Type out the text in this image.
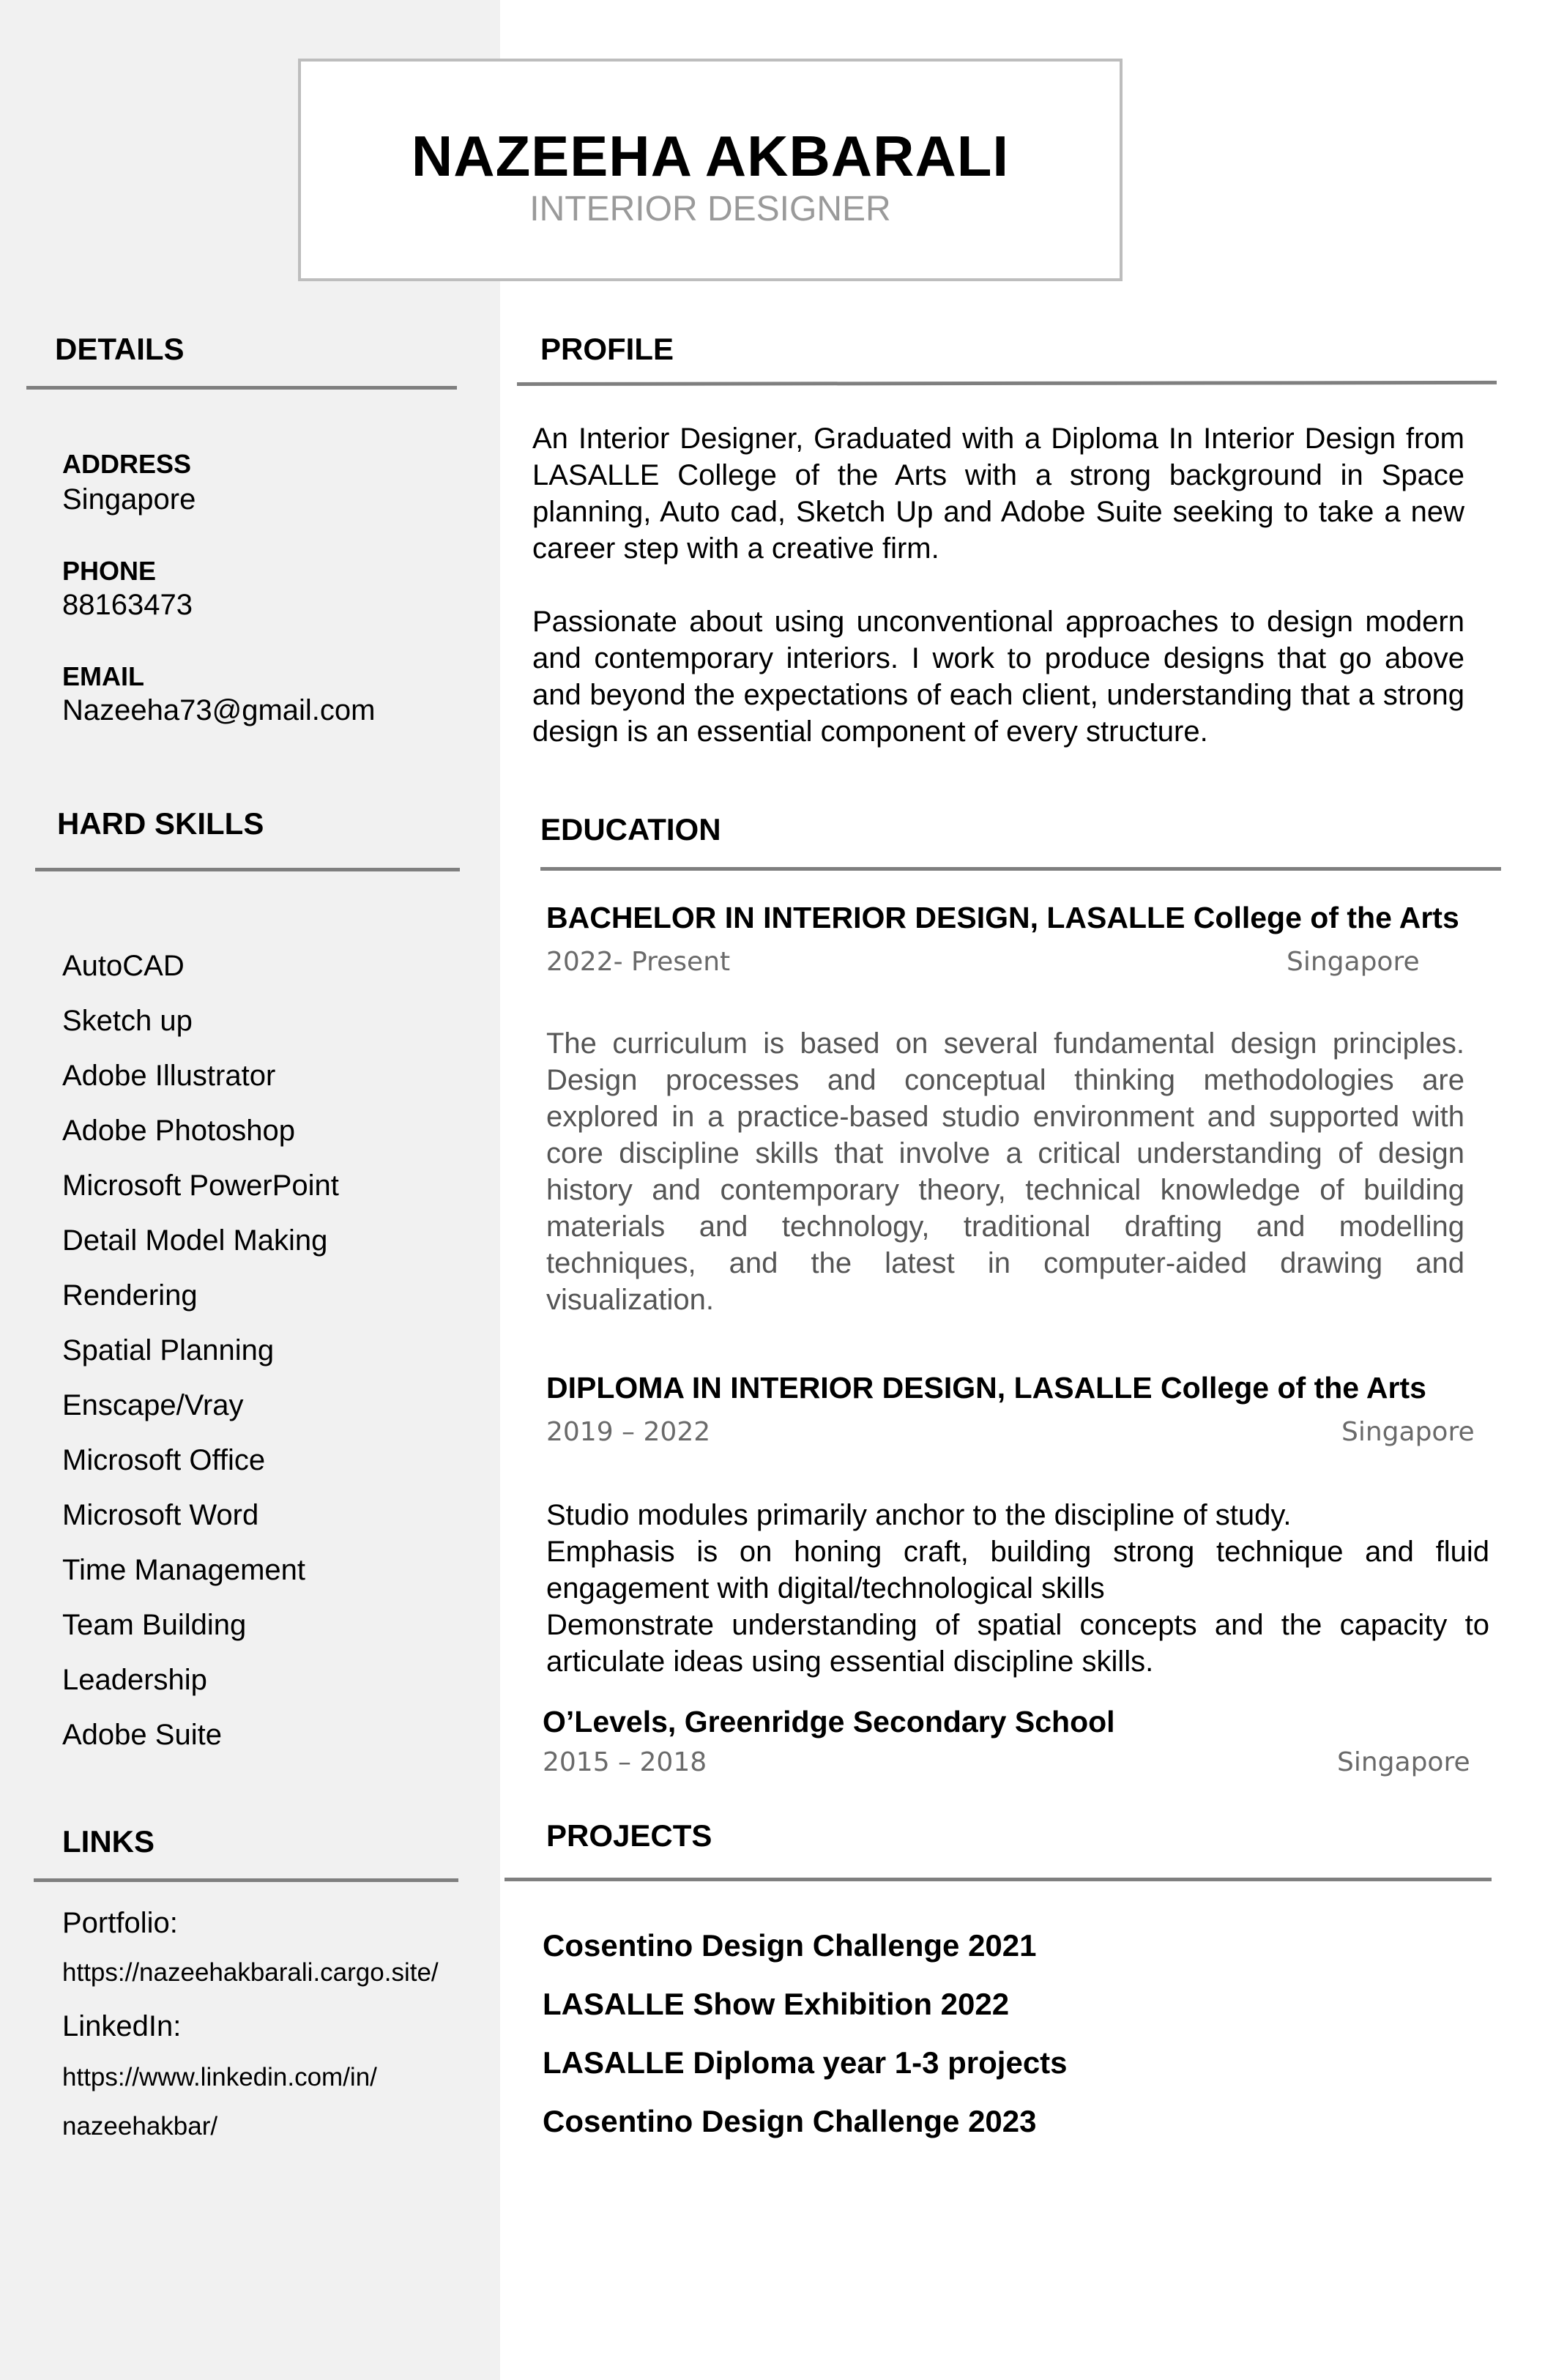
NAZEEHA AKBARALI
INTERIOR DESIGNER
DETAILS
ADDRESS
Singapore
PHONE
88163473
EMAIL
Nazeeha73@gmail.com
HARD SKILLS
AutoCAD
Sketch up
Adobe Illustrator
Adobe Photoshop
Microsoft PowerPoint
Detail Model Making
Rendering
Spatial Planning
Enscape/Vray
Microsoft Office
Microsoft Word
Time Management
Team Building
Leadership
Adobe Suite
LINKS
Portfolio:
https://nazeehakbarali.cargo.site/
LinkedIn:
https://www.linkedin.com/in/
nazeehakbar/
PROFILE
An Interior Designer, Graduated with a Diploma In Interior Design from LASALLE College of the Arts with a strong background in Space planning, Auto cad, Sketch Up and Adobe Suite seeking to take a new career step with a creative firm.
Passionate about using unconventional approaches to design modern and contemporary interiors. I work to produce designs that go above and beyond the expectations of each client, understanding that a strong design is an essential component of every structure.
EDUCATION
BACHELOR IN INTERIOR DESIGN, LASALLE College of the Arts
2022- Present	Singapore
The curriculum is based on several fundamental design principles. Design processes and conceptual thinking methodologies are explored in a practice-based studio environment and supported with core discipline skills that involve a critical understanding of design history and contemporary theory, technical knowledge of building materials and technology, traditional drafting and modelling techniques, and the latest in computer-aided drawing and visualization.
DIPLOMA IN INTERIOR DESIGN, LASALLE College of the Arts
2019 – 2022	Singapore
Studio modules primarily anchor to the discipline of study.
Emphasis is on honing craft, building strong technique and fluid engagement with digital/technological skills
Demonstrate understanding of spatial concepts and the capacity to articulate ideas using essential discipline skills.
O’Levels, Greenridge Secondary School
2015 – 2018	Singapore
PROJECTS
Cosentino Design Challenge 2021
LASALLE Show Exhibition 2022
LASALLE Diploma year 1-3 projects
Cosentino Design Challenge 2023
